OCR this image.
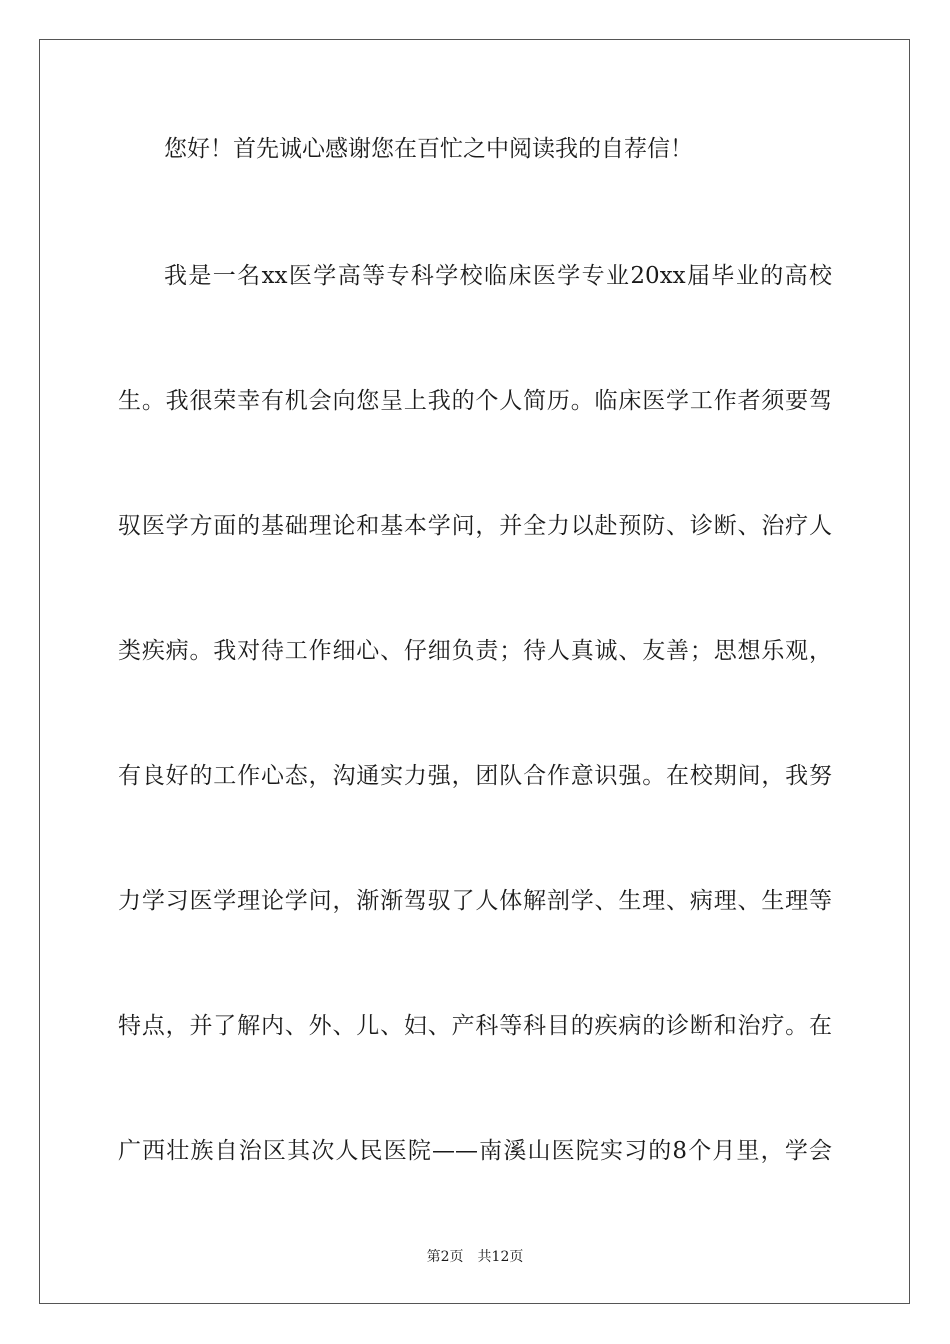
您好！首先诚心感谢您在百忙之中阅读我的自荐信！
我是一名xx医学高等专科学校临床医学专业20xx届毕业的高校
生。我很荣幸有机会向您呈上我的个人简历。临床医学工作者须要驾
驭医学方面的基础理论和基本学问，并全力以赴预防、诊断、治疗人
类疾病。我对待工作细心、仔细负责；待人真诚、友善；思想乐观，
有良好的工作心态，沟通实力强，团队合作意识强。在校期间，我努
力学习医学理论学问，渐渐驾驭了人体解剖学、生理、病理、生理等
特点，并了解内、外、儿、妇、产科等科目的疾病的诊断和治疗。在
广西壮族自治区其次人民医院——南溪山医院实习的8个月里，学会
第2页 共12页
